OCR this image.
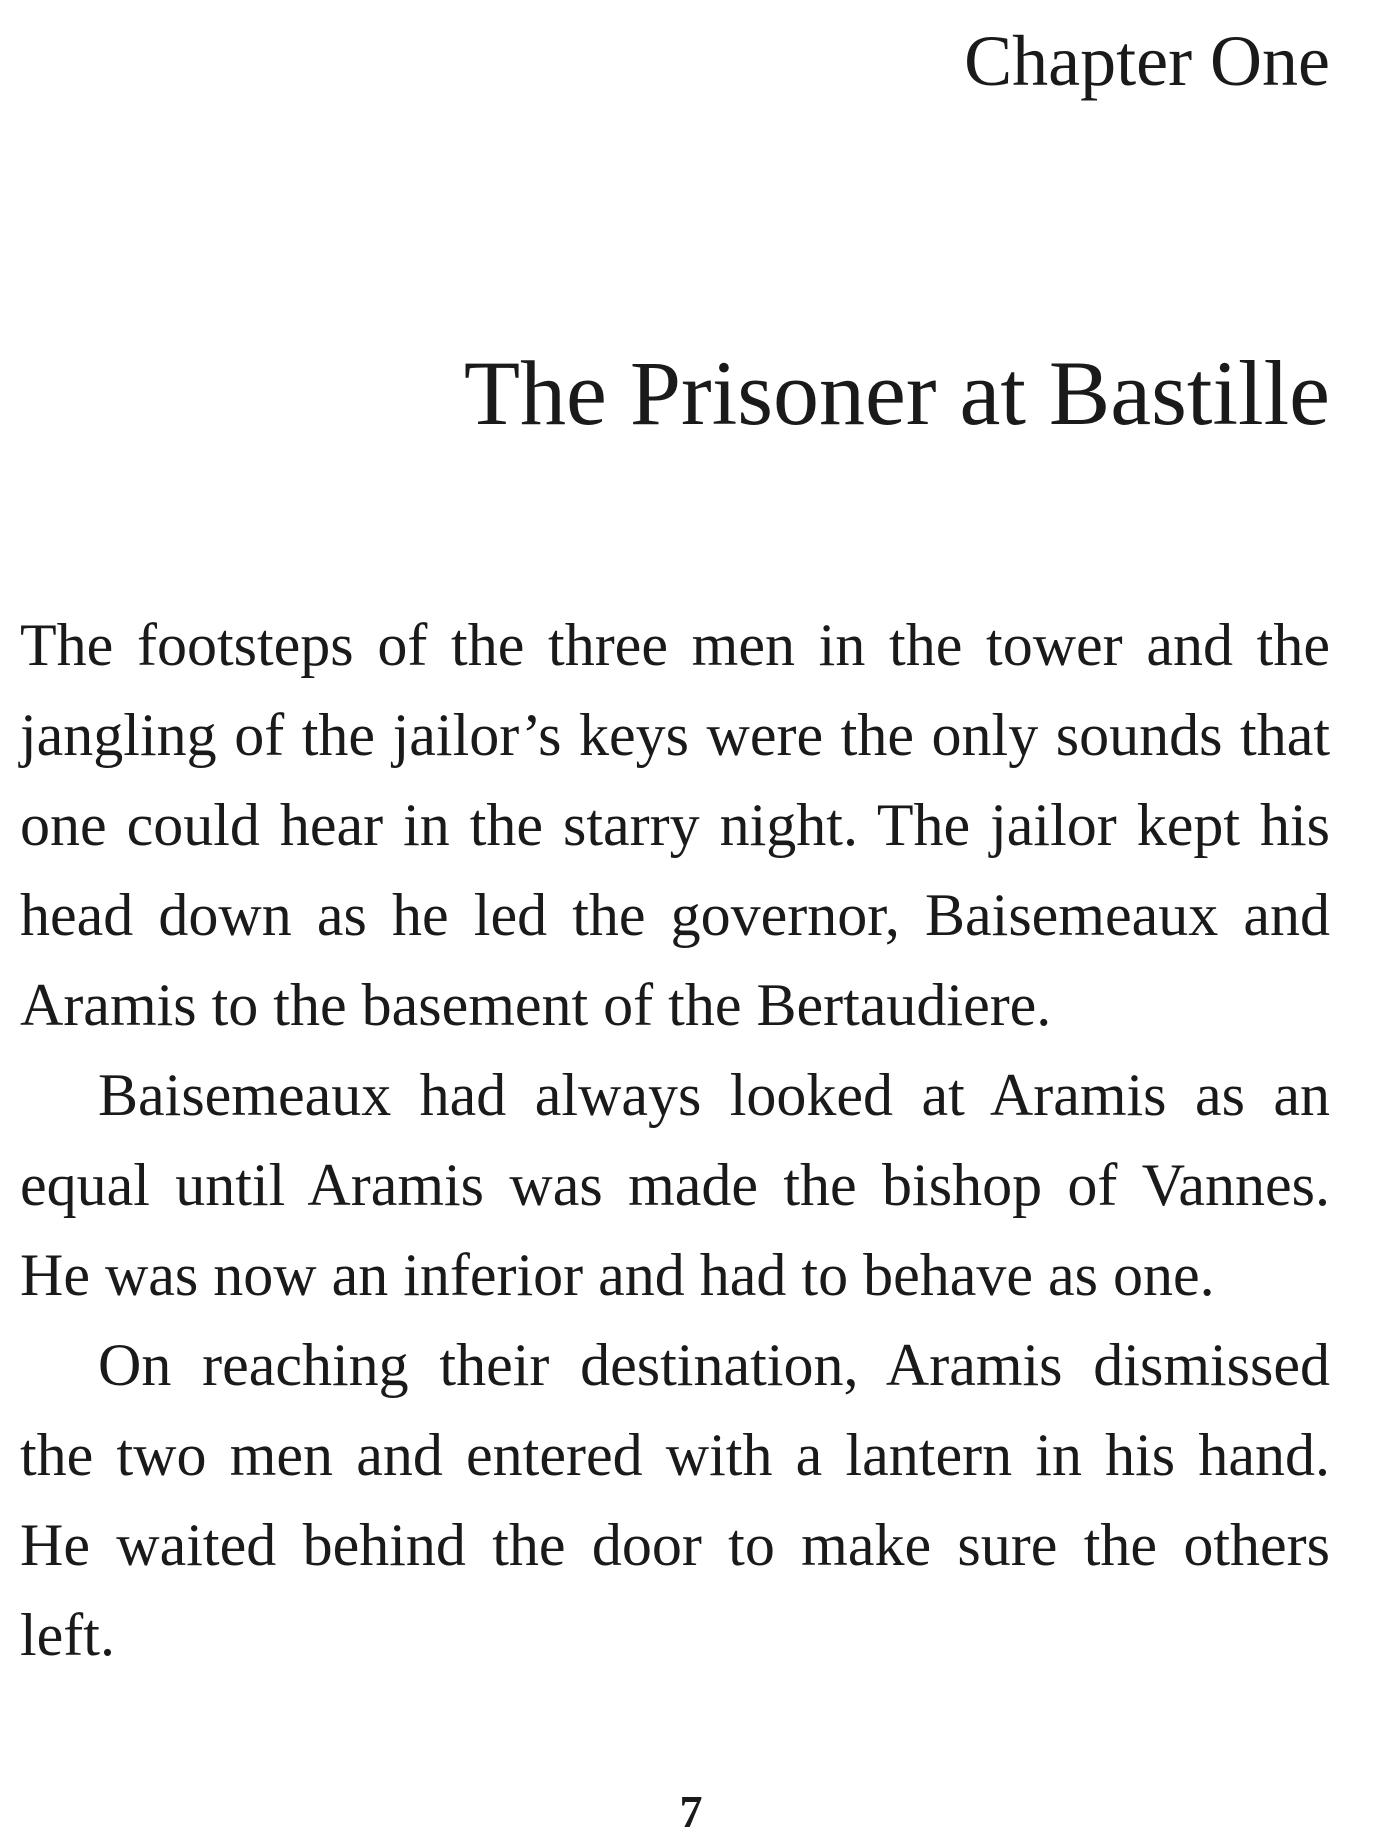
Chapter One
The Prisoner at Bastille

The footsteps of the three men in the tower and the jangling of the jailor’s keys were the only sounds that one could hear in the starry night. The jailor kept his head down as he led the governor, Baisemeaux and Aramis to the basement of the Bertaudiere.

Baisemeaux had always looked at Aramis as an equal until Aramis was made the bishop of Vannes. He was now an inferior and had to behave as one.

On reaching their destination, Aramis dismissed the two men and entered with a lantern in his hand. He waited behind the door to make sure the others left.

7
